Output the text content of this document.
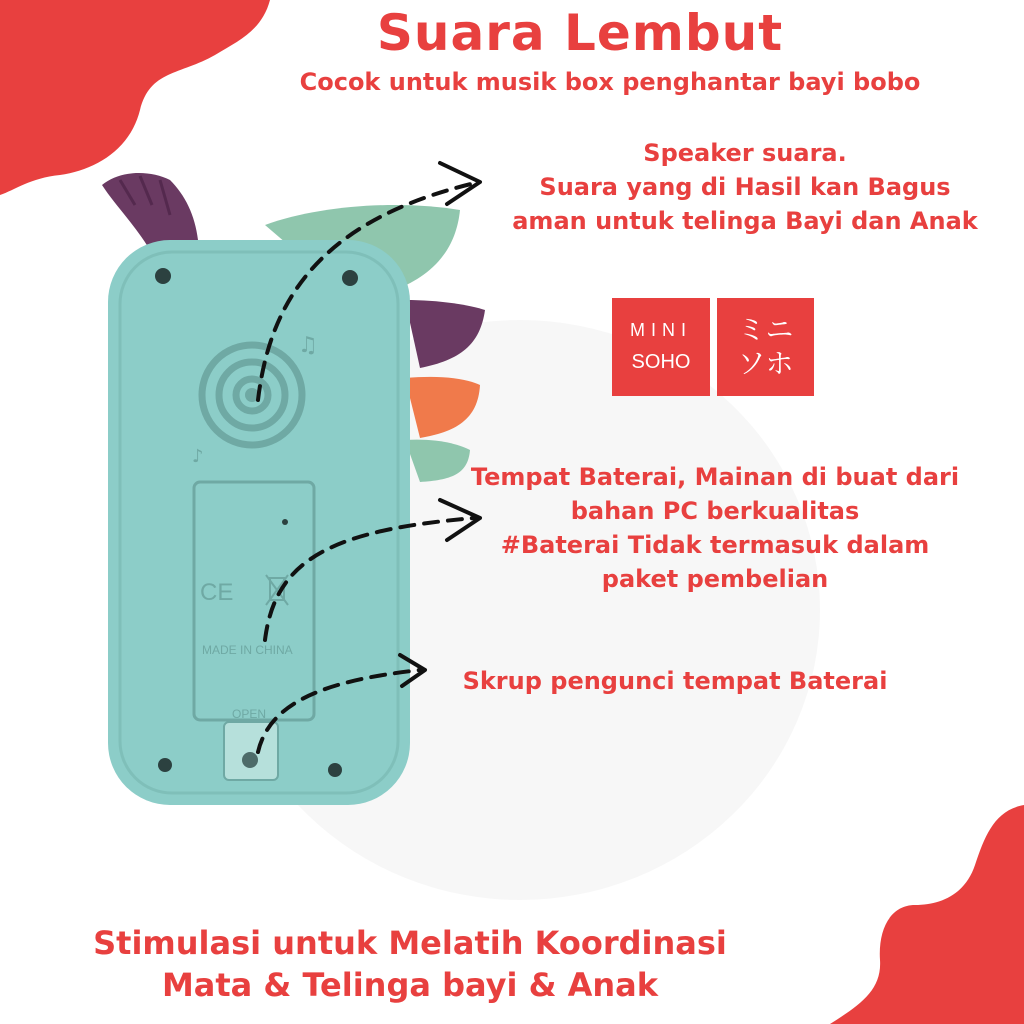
♫
♪
CE
MADE IN CHINA
OPEN
Suara Lembut
Cocok untuk musik box penghantar bayi bobo
Speaker suara.
Suara yang di Hasil kan Bagus
aman untuk telinga Bayi dan Anak
MINI
SOHO
ミニ
ソホ
Tempat Baterai, Mainan di buat dari
bahan PC berkualitas
#Baterai Tidak termasuk dalam
paket pembelian
Skrup pengunci tempat Baterai
Stimulasi untuk Melatih Koordinasi
Mata & Telinga bayi & Anak
